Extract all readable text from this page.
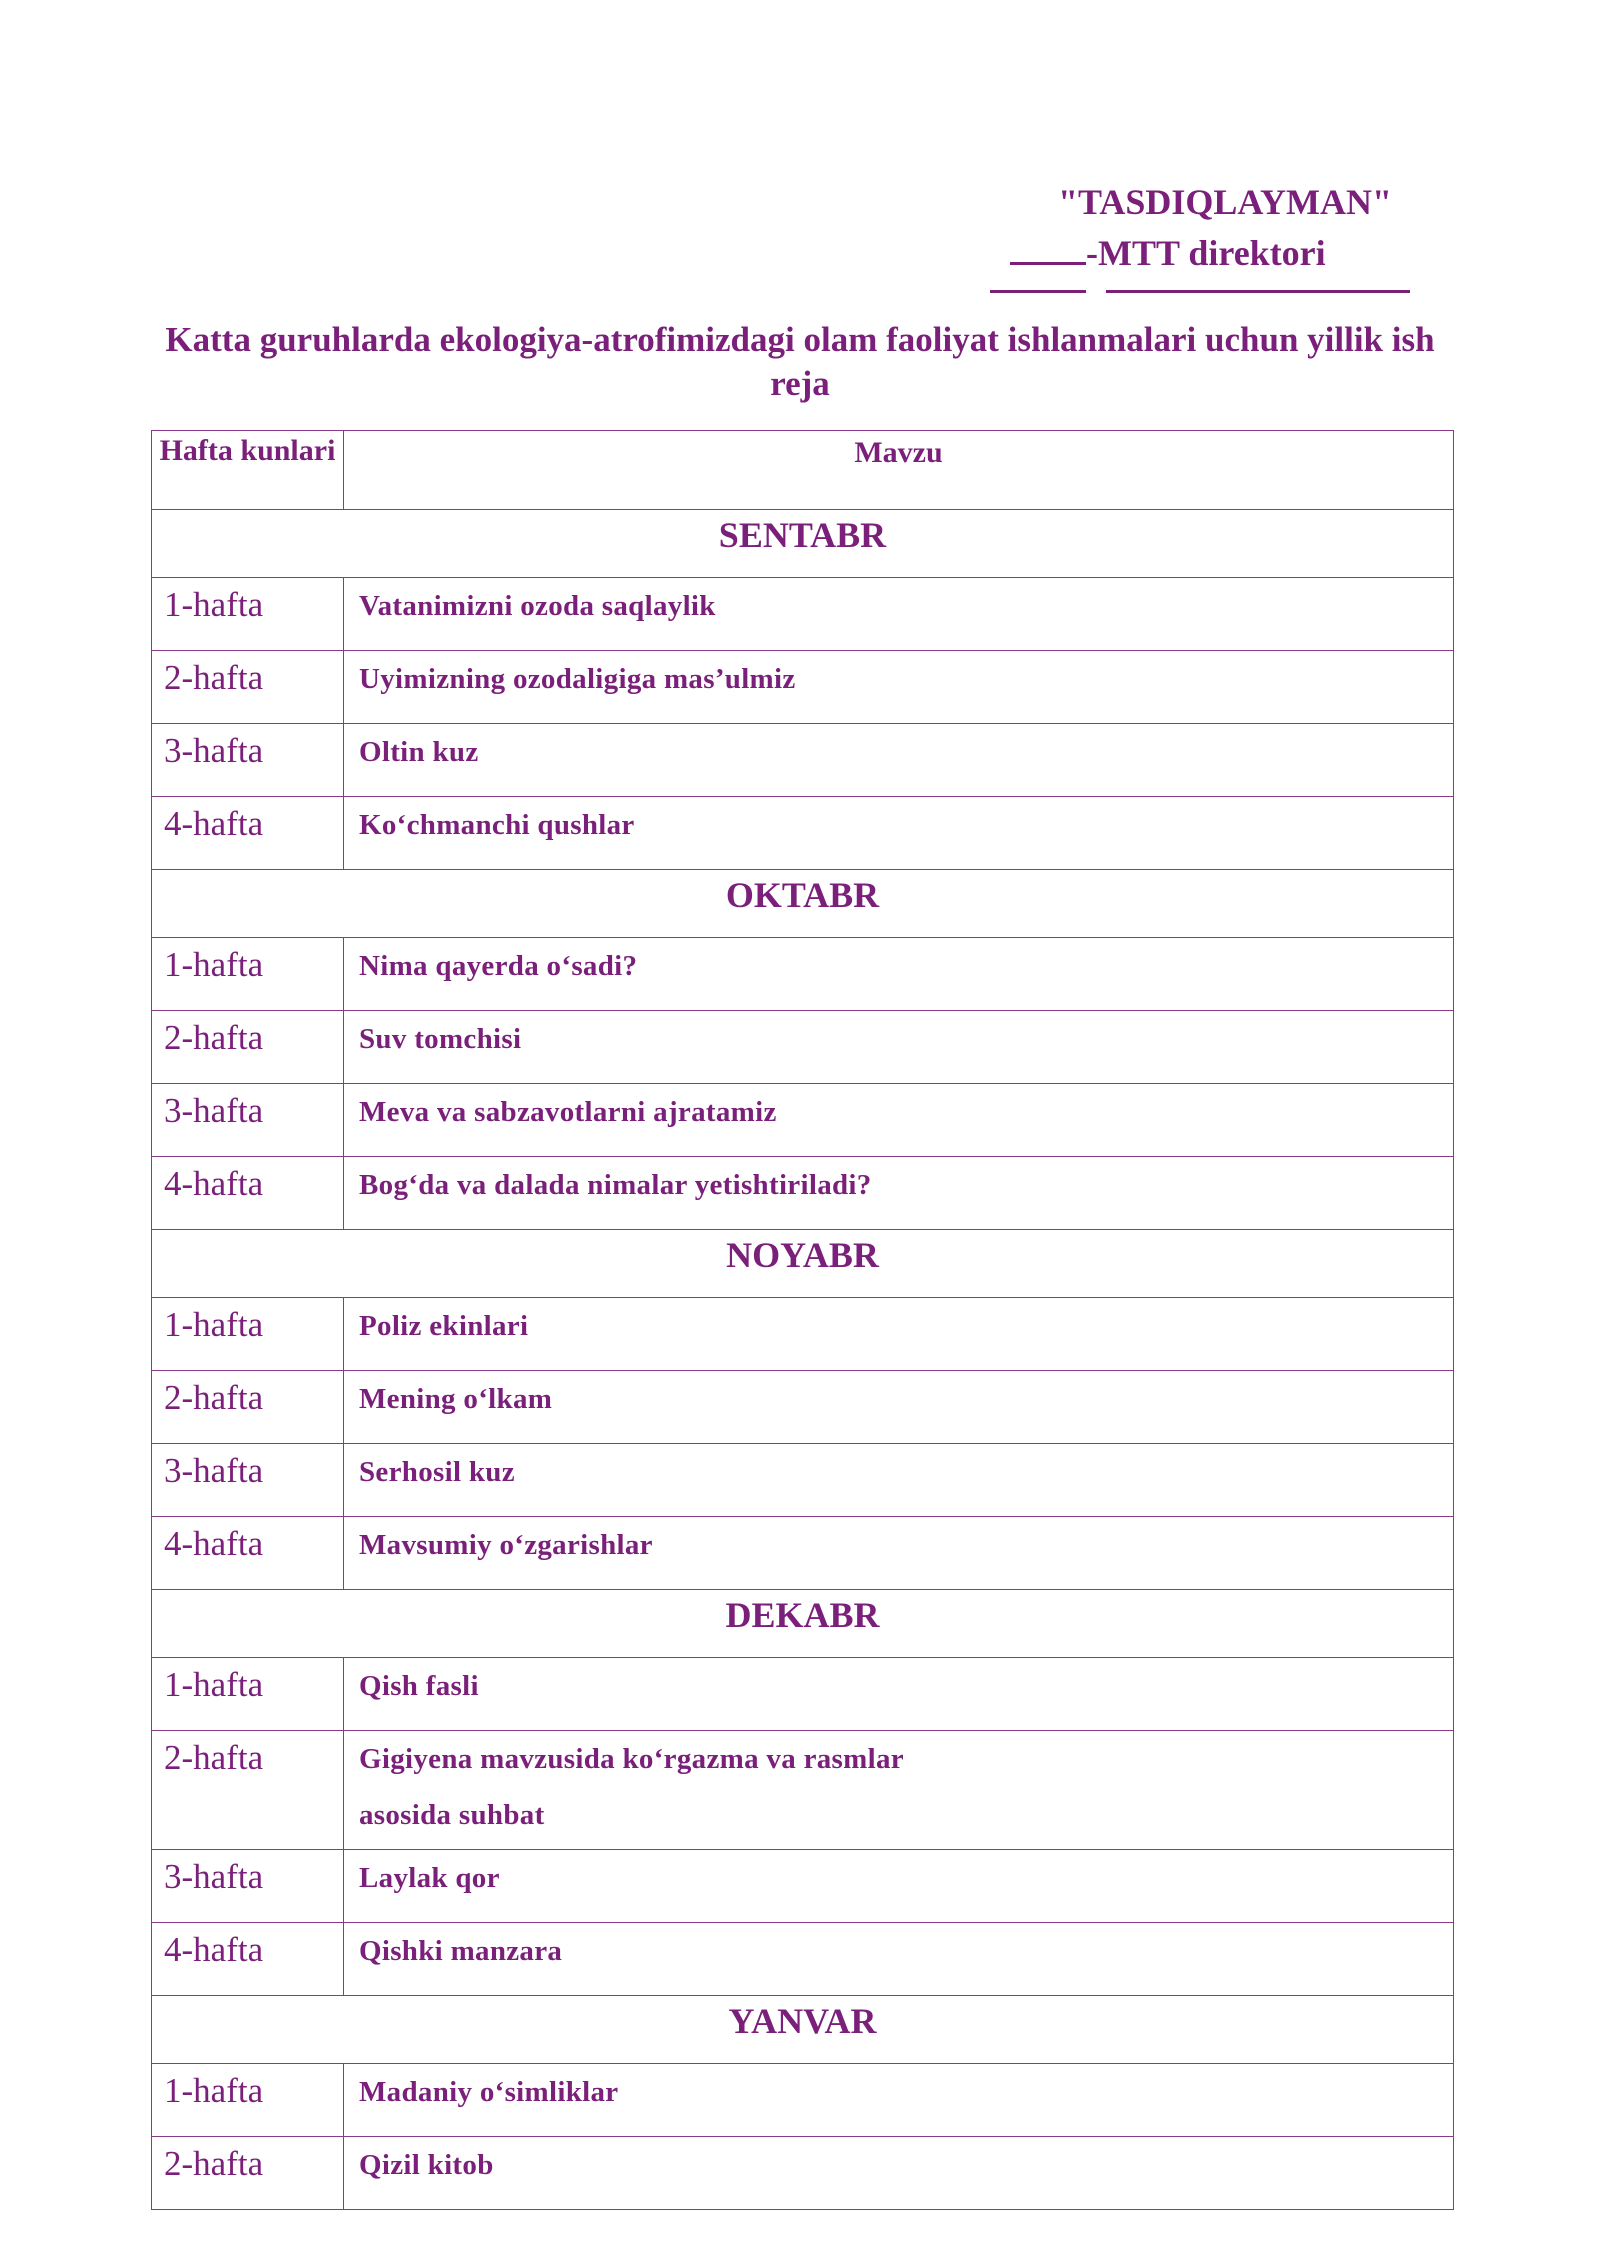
"TASDIQLAYMAN"
-MTT direktori
Katta guruhlarda ekologiya-atrofimizdagi olam faoliyat ishlanmalari uchun yillik ish reja
Hafta kunlari	Mavzu
SENTABR	
1-hafta	Vatanimizni ozoda saqlaylik
2-hafta	Uyimizning ozodaligiga mas’ulmiz
3-hafta	Oltin kuz
4-hafta	Ko‘chmanchi qushlar
OKTABR	
1-hafta	Nima qayerda o‘sadi?
2-hafta	Suv tomchisi
3-hafta	Meva va sabzavotlarni ajratamiz
4-hafta	Bog‘da va dalada nimalar yetishtiriladi?
NOYABR	
1-hafta	Poliz ekinlari
2-hafta	Mening o‘lkam
3-hafta	Serhosil kuz
4-hafta	Mavsumiy o‘zgarishlar
DEKABR	
1-hafta	Qish fasli
2-hafta	Gigiyena mavzusida ko‘rgazma va rasmlar asosida suhbat
3-hafta	Laylak qor
4-hafta	Qishki manzara
YANVAR	
1-hafta	Madaniy o‘simliklar
2-hafta	Qizil kitob
